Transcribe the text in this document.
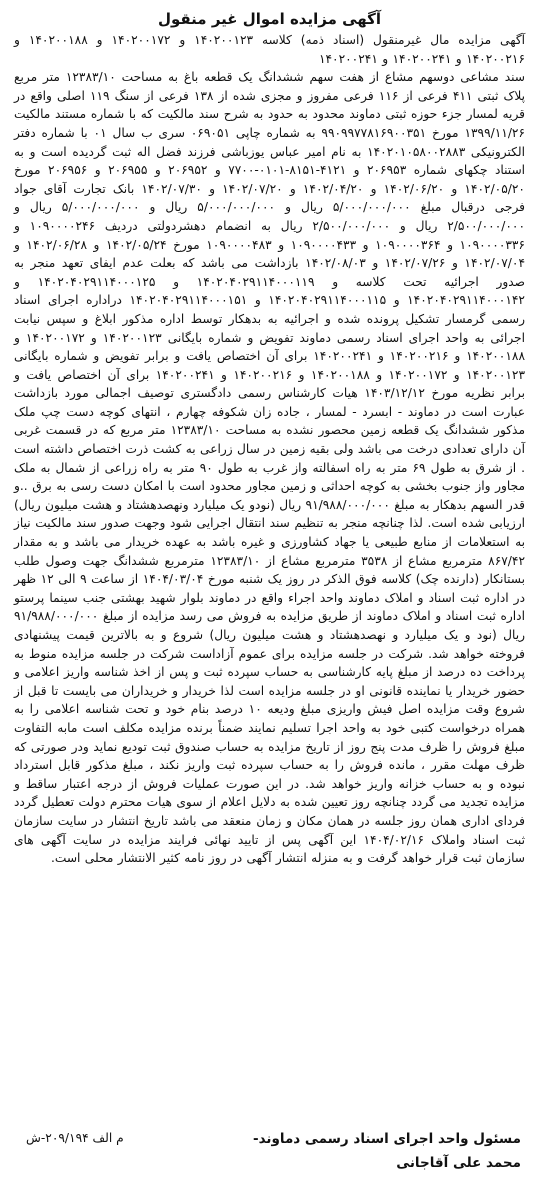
آگهی مزایده اموال غیر منقول

آگهی مزایده مال غیرمنقول (اسناد ذمه) کلاسه ۱۴۰۲۰۰۱۲۳ و ۱۴۰۲۰۰۱۷۲ و ۱۴۰۲۰۰۱۸۸ و ۱۴۰۲۰۰۲۱۶ و ۱۴۰۲۰۰۲۴۱ و ۱۴۰۲۰۰۲۴۱

سند مشاعی دوسهم مشاع از هفت سهم ششدانگ یک قطعه باغ به مساحت ۱۲۳۸۳/۱۰ متر مربع پلاک ثبتی ۴۱۱ فرعی از ۱۱۶ فرعی مفروز و مجزی شده از ۱۳۸ فرعی از سنگ ۱۱۹ اصلی واقع در قریه لمسار جزء حوزه ثبتی دماوند محدود به حدود به شرح سند مالکیت که با شماره مستند مالکیت ۱۳۹۹/۱۱/۲۶ مورخ ۹۹۰۹۹۷۷۸۱۶۹۰۰۳۵۱ به شماره چاپی ۰۶۹۰۵۱ سری ب سال ۰۱ با شماره دفتر الکترونیکی ۱۴۰۲۰۱۰۵۸۰۰۲۸۸۳ به نام امیر عباس یوزباشی فرزند فضل اله ثبت گردیده است و به استناد چکهای شماره ۲۰۶۹۵۳ و ۴۱۲۱-۸۱۵۱-۰۱۰۱-۷۷۰۰ و ۲۰۶۹۵۲ و ۲۰۶۹۵۵ و ۲۰۶۹۵۶ مورخ ۱۴۰۲/۰۵/۲۰ و ۱۴۰۲/۰۶/۲۰ و ۱۴۰۲/۰۴/۲۰ و ۱۴۰۲/۰۷/۲۰ و ۱۴۰۲/۰۷/۳۰ بانک تجارت آقای جواد فرجی درقبال مبلغ ۵/۰۰۰/۰۰۰/۰۰۰ ریال و ۵/۰۰۰/۰۰۰/۰۰۰ ریال و ۵/۰۰۰/۰۰۰/۰۰۰ ریال و ۲/۵۰۰/۰۰۰/۰۰۰ ریال و ۲/۵۰۰/۰۰۰/۰۰۰ ریال به انضمام دهشردولتی دردیف ۱۰۹۰۰۰۰۲۴۶ و ۱۰۹۰۰۰۰۳۳۶ و ۱۰۹۰۰۰۰۳۶۴ و ۱۰۹۰۰۰۰۴۳۳ و ۱۰۹۰۰۰۰۴۸۳ مورخ ۱۴۰۲/۰۵/۲۴ و ۱۴۰۲/۰۶/۲۸ و ۱۴۰۲/۰۷/۰۴ و ۱۴۰۲/۰۷/۲۶ و ۱۴۰۲/۰۸/۰۳ بازداشت می باشد که بعلت عدم ایفای تعهد منجر به صدور اجرائیه تحت کلاسه و ۱۴۰۲۰۴۰۲۹۱۱۴۰۰۰۱۱۹ و ۱۴۰۲۰۴۰۲۹۱۱۴۰۰۰۱۲۵ و ۱۴۰۲۰۴۰۲۹۱۱۴۰۰۰۱۴۲ و ۱۴۰۲۰۴۰۲۹۱۱۴۰۰۰۱۱۵ و ۱۴۰۲۰۴۰۲۹۱۱۴۰۰۰۱۵۱ دراداره اجرای اسناد رسمی گرمسار تشکیل پرونده شده و اجرائیه به بدهکار توسط اداره مذکور ابلاغ و سپس نیابت اجرائی به واحد اجرای اسناد رسمی دماوند تفویض و شماره بایگانی ۱۴۰۲۰۰۱۲۳ و ۱۴۰۲۰۰۱۷۲ و ۱۴۰۲۰۰۱۸۸ و ۱۴۰۲۰۰۲۱۶ و ۱۴۰۲۰۰۲۴۱ برای آن اختصاص یافت و برابر تفویض و شماره بایگانی ۱۴۰۲۰۰۱۲۳ و ۱۴۰۲۰۰۱۷۲ و ۱۴۰۲۰۰۱۸۸ و ۱۴۰۲۰۰۲۱۶ و ۱۴۰۲۰۰۲۴۱ برای آن اختصاص یافت و برابر نظریه مورخ ۱۴۰۳/۱۲/۱۲ هیات کارشناس رسمی دادگستری توصیف اجمالی مورد بازداشت عبارت است در دماوند - ابسرد - لمسار ، جاده زان شکوفه چهارم ، انتهای کوچه دست چپ ملک مذکور ششدانگ یک قطعه زمین محصور نشده به مساحت ۱۲۳۸۳/۱۰ متر مربع که در قسمت غربی آن دارای تعدادی درخت می باشد ولی بقیه زمین در سال زراعی به کشت ذرت اختصاص داشته است . از شرق به طول ۶۹ متر به راه اسفالته واز غرب به طول ۹۰ متر به راه زراعی از شمال به ملک مجاور واز جنوب بخشی به کوچه احداثی و زمین مجاور محدود است با امکان دست رسی به برق ..و قدر السهم بدهکار به مبلغ ۹۱/۹۸۸/۰۰۰/۰۰۰ ریال (نودو یک میلیارد ونهصدهشتاد و هشت میلیون ریال) ارزیابی شده است. لذا چنانچه منجر به تنظیم سند انتقال اجرایی شود وجهت صدور سند مالکیت نیاز به استعلامات از منابع طبیعی یا جهاد کشاورزی و غیره باشد به عهده خریدار می باشد و به مقدار ۸۶۷/۴۲ مترمربع مشاع از ۳۵۳۸ مترمربع مشاع از ۱۲۳۸۳/۱۰ مترمربع ششدانگ جهت وصول طلب بستانکار (دارنده چک) کلاسه فوق الذکر در روز یک شنبه مورخ ۱۴۰۴/۰۳/۰۴ از ساعت ۹ الی ۱۲ ظهر در اداره ثبت اسناد و املاک دماوند واحد اجراء واقع در دماوند بلوار شهید بهشتی جنب سینما پرستو اداره ثبت اسناد و املاک دماوند از طریق مزایده به فروش می رسد مزایده از مبلغ ۹۱/۹۸۸/۰۰۰/۰۰۰ ریال (نود و یک میلیارد و نهصدهشتاد و هشت میلیون ریال) شروع و به بالاترین قیمت پیشنهادی فروخته خواهد شد. شرکت در جلسه مزایده برای عموم آزاداست شرکت در جلسه مزایده منوط به پرداخت ده درصد از مبلغ پایه کارشناسی به حساب سپرده ثبت و پس از اخذ شناسه واریز اعلامی و حضور خریدار یا نماینده قانونی او در جلسه مزایده است لذا خریدار و خریداران می بایست تا قبل از شروع وقت مزایده اصل فیش واریزی مبلغ ودیعه ۱۰ درصد بنام خود و تحت شناسه اعلامی را به همراه درخواست کتبی خود به واحد اجرا تسلیم نمایند ضمناً برنده مزایده مکلف است مابه التفاوت مبلغ فروش را ظرف مدت پنج روز از تاریخ مزایده به حساب صندوق ثبت تودیع نماید ودر صورتی که ظرف مهلت مقرر ، مانده فروش را به حساب سپرده ثبت واریز نکند ، مبلغ مذکور قابل استرداد نبوده و به حساب خزانه واریز خواهد شد. در این صورت عملیات فروش از درجه اعتبار ساقط و مزایده تجدید می گردد چنانچه روز تعیین شده به دلایل اعلام از سوی هیات محترم دولت تعطیل گردد فردای اداری همان روز جلسه در همان مکان و زمان منعقد می باشد تاریخ انتشار در سایت سازمان ثبت اسناد واملاک ۱۴۰۴/۰۲/۱۶ این آگهی پس از تایید نهائی فرایند مزایده در سایت آگهی های سازمان ثبت قرار خواهد گرفت و به منزله انتشار آگهی در روز نامه کثیر الانتشار محلی است.

م الف ۲۰۹/۱۹۴-ش	مسئول واحد اجرای اسناد رسمی دماوند-
محمد علی آقاجانی
